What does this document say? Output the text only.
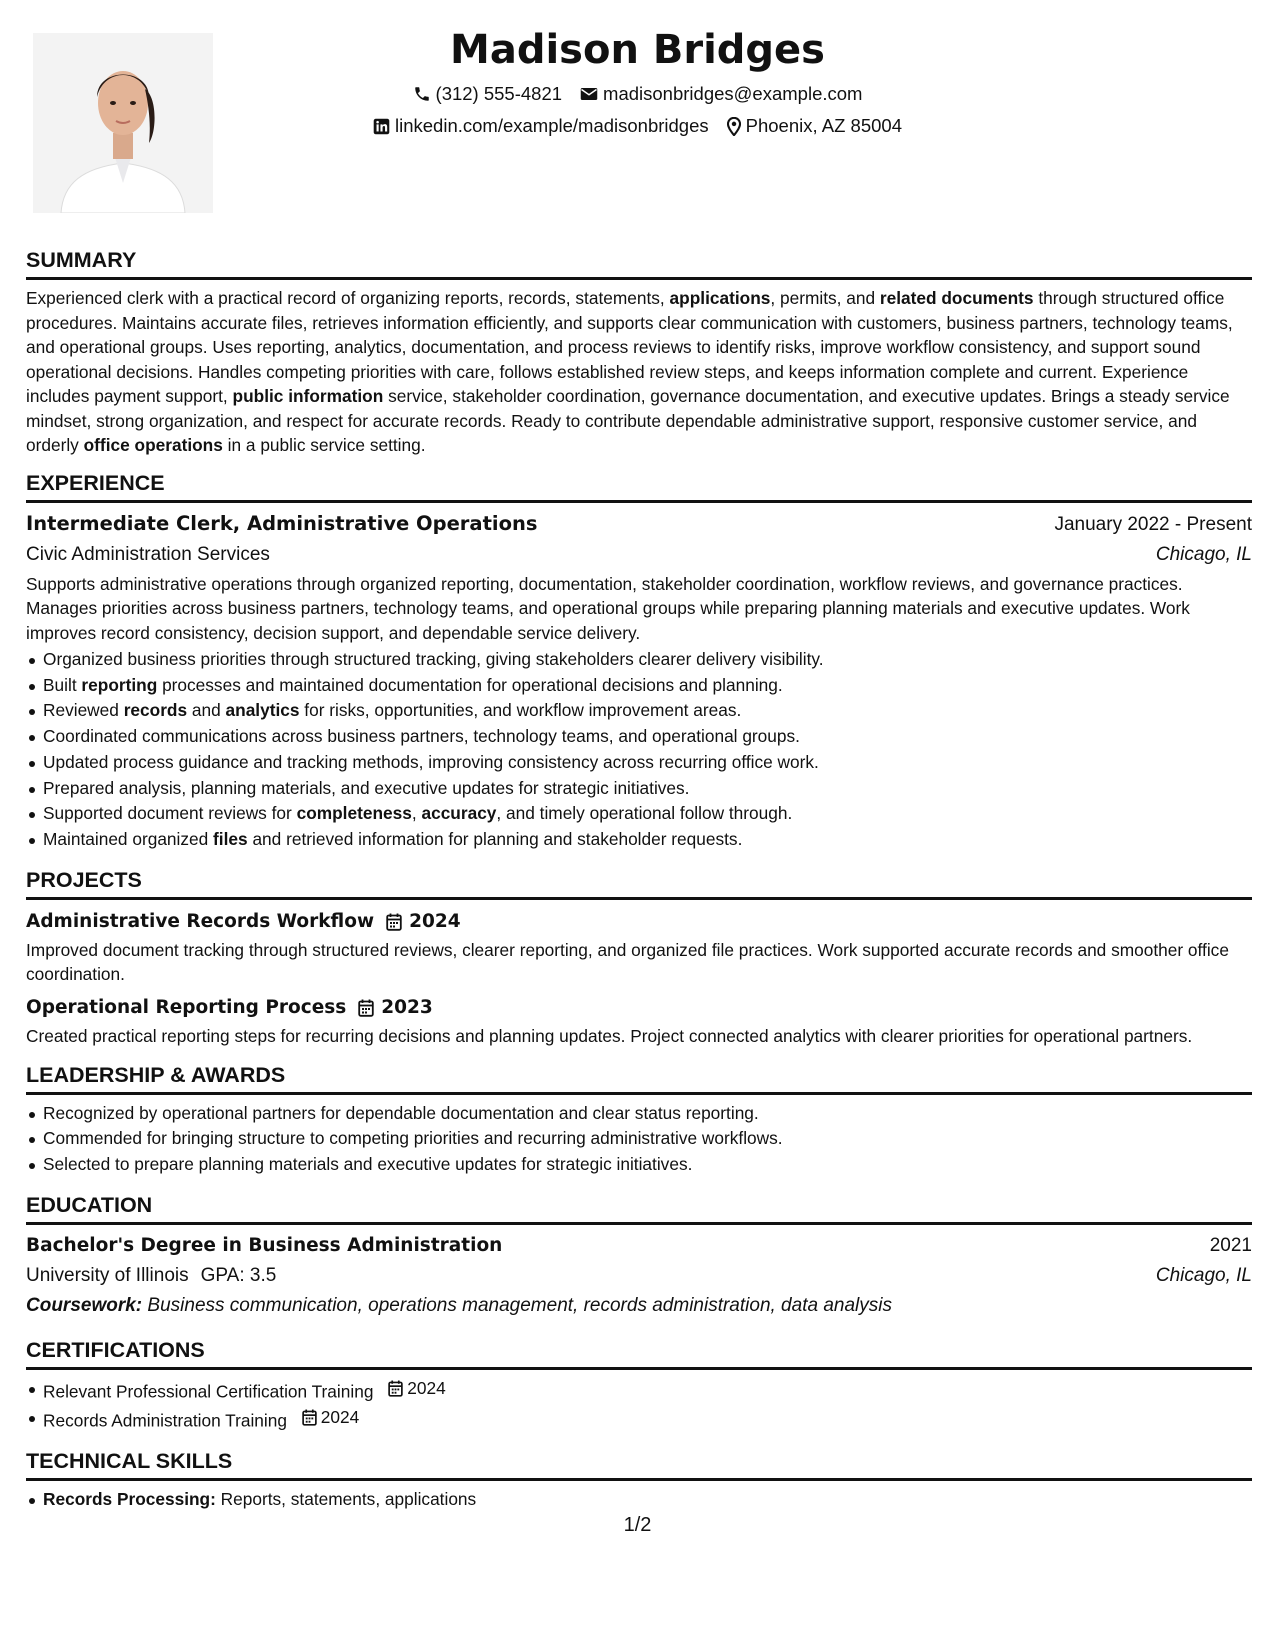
Madison Bridges
(312) 555-4821 madisonbridges@example.com
linkedin.com/example/madisonbridges Phoenix, AZ 85004
SUMMARY
Experienced clerk with a practical record of organizing reports, records, statements, applications, permits, and related documents through structured office procedures. Maintains accurate files, retrieves information efficiently, and supports clear communication with customers, business partners, technology teams, and operational groups. Uses reporting, analytics, documentation, and process reviews to identify risks, improve workflow consistency, and support sound operational decisions. Handles competing priorities with care, follows established review steps, and keeps information complete and current. Experience includes payment support, public information service, stakeholder coordination, governance documentation, and executive updates. Brings a steady service mindset, strong organization, and respect for accurate records. Ready to contribute dependable administrative support, responsive customer service, and orderly office operations in a public service setting.
EXPERIENCE
Intermediate Clerk, Administrative Operations	January 2022 - Present
Civic Administration Services	Chicago, IL
Supports administrative operations through organized reporting, documentation, stakeholder coordination, workflow reviews, and governance practices. Manages priorities across business partners, technology teams, and operational groups while preparing planning materials and executive updates. Work improves record consistency, decision support, and dependable service delivery.
Organized business priorities through structured tracking, giving stakeholders clearer delivery visibility.
Built reporting processes and maintained documentation for operational decisions and planning.
Reviewed records and analytics for risks, opportunities, and workflow improvement areas.
Coordinated communications across business partners, technology teams, and operational groups.
Updated process guidance and tracking methods, improving consistency across recurring office work.
Prepared analysis, planning materials, and executive updates for strategic initiatives.
Supported document reviews for completeness, accuracy, and timely operational follow through.
Maintained organized files and retrieved information for planning and stakeholder requests.
PROJECTS
Administrative Records Workflow 2024
Improved document tracking through structured reviews, clearer reporting, and organized file practices. Work supported accurate records and smoother office coordination.
Operational Reporting Process 2023
Created practical reporting steps for recurring decisions and planning updates. Project connected analytics with clearer priorities for operational partners.
LEADERSHIP & AWARDS
Recognized by operational partners for dependable documentation and clear status reporting.
Commended for bringing structure to competing priorities and recurring administrative workflows.
Selected to prepare planning materials and executive updates for strategic initiatives.
EDUCATION
Bachelor's Degree in Business Administration	2021
University of Illinois GPA: 3.5	Chicago, IL
Coursework: Business communication, operations management, records administration, data analysis
CERTIFICATIONS
Relevant Professional Certification Training 2024
Records Administration Training 2024
TECHNICAL SKILLS
Records Processing: Reports, statements, applications
1/2
